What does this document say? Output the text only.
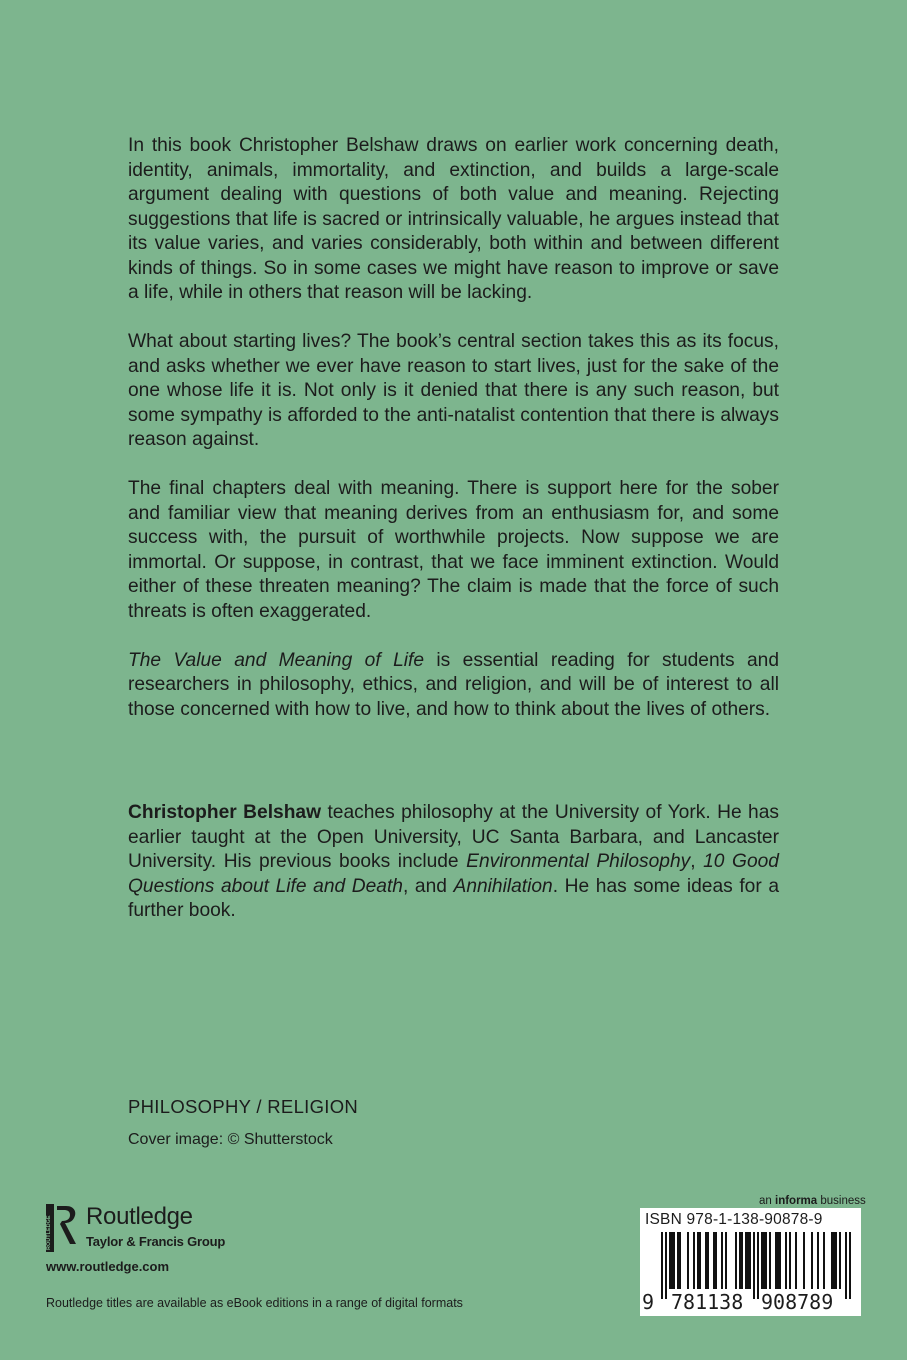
In this book Christopher Belshaw draws on earlier work concerning death, identity, animals, immortality, and extinction, and builds a large-scale argument dealing with questions of both value and meaning. Rejecting suggestions that life is sacred or intrinsically valuable, he argues instead that its value varies, and varies considerably, both within and between different kinds of things. So in some cases we might have reason to improve or save a life, while in others that reason will be lacking.

What about starting lives? The book’s central section takes this as its focus, and asks whether we ever have reason to start lives, just for the sake of the one whose life it is. Not only is it denied that there is any such reason, but some sympathy is afforded to the anti-natalist contention that there is always reason against.

The final chapters deal with meaning. There is support here for the sober and familiar view that meaning derives from an enthusiasm for, and some success with, the pursuit of worthwhile projects. Now suppose we are immortal. Or suppose, in contrast, that we face imminent extinction. Would either of these threaten meaning? The claim is made that the force of such threats is often exaggerated.

The Value and Meaning of Life is essential reading for students and researchers in philosophy, ethics, and religion, and will be of interest to all those concerned with how to live, and how to think about the lives of others.

Christopher Belshaw teaches philosophy at the University of York. He has earlier taught at the Open University, UC Santa Barbara, and Lancaster University. His previous books include Environmental Philosophy, 10 Good Questions about Life and Death, and Annihilation. He has some ideas for a further book.

PHILOSOPHY / RELIGION
Cover image: © Shutterstock
ROUTLEDGE Routledge
Taylor & Francis Group
www.routledge.com
Routledge titles are available as eBook editions in a range of digital formats
an informa business
ISBN 978-1-138-90878-9
9 781138 908789
